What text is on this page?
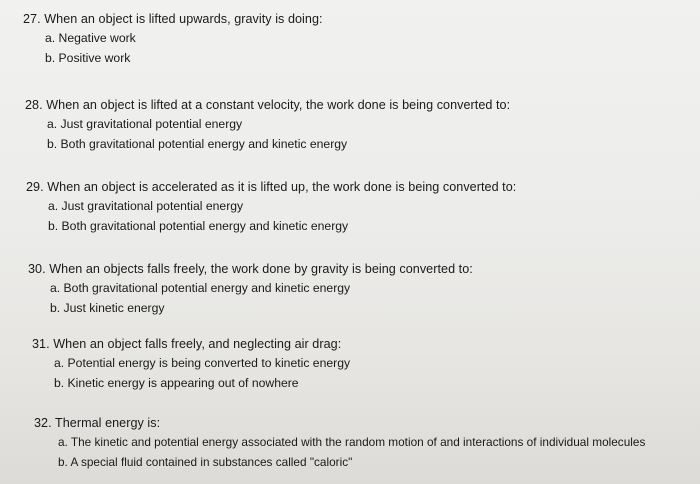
27. When an object is lifted upwards, gravity is doing:
a. Negative work
b. Positive work
28. When an object is lifted at a constant velocity, the work done is being converted to:
a. Just gravitational potential energy
b. Both gravitational potential energy and kinetic energy
29. When an object is accelerated as it is lifted up, the work done is being converted to:
a. Just gravitational potential energy
b. Both gravitational potential energy and kinetic energy
30. When an objects falls freely, the work done by gravity is being converted to:
a. Both gravitational potential energy and kinetic energy
b. Just kinetic energy
31. When an object falls freely, and neglecting air drag:
a. Potential energy is being converted to kinetic energy
b. Kinetic energy is appearing out of nowhere
32. Thermal energy is:
a. The kinetic and potential energy associated with the random motion of and interactions of individual molecules
b. A special fluid contained in substances called "caloric"
